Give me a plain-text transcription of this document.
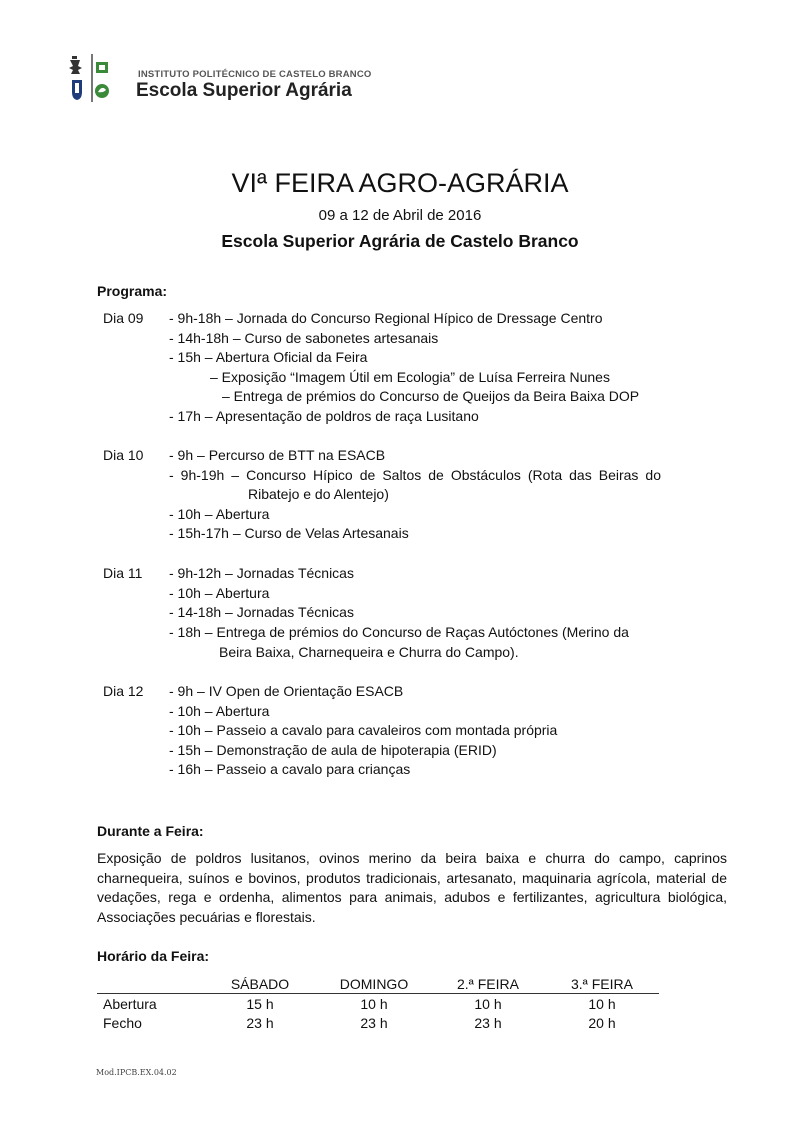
INSTITUTO POLITÉCNICO DE CASTELO BRANCO
Escola Superior Agrária
VIª FEIRA AGRO-AGRÁRIA
09 a 12 de Abril de 2016
Escola Superior Agrária de Castelo Branco
Programa:
Dia 09 - 9h-18h – Jornada do Concurso Regional Hípico de Dressage Centro
- 14h-18h – Curso de sabonetes artesanais
- 15h – Abertura Oficial da Feira
– Exposição “Imagem Útil em Ecologia” de Luísa Ferreira Nunes
– Entrega de prémios do Concurso de Queijos da Beira Baixa DOP
- 17h – Apresentação de poldros de raça Lusitano
Dia 10 - 9h – Percurso de BTT na ESACB
- 9h-19h – Concurso Hípico de Saltos de Obstáculos (Rota das Beiras do
Ribatejo e do Alentejo)
- 10h – Abertura
- 15h-17h – Curso de Velas Artesanais
Dia 11 - 9h-12h – Jornadas Técnicas
- 10h – Abertura
- 14-18h – Jornadas Técnicas
- 18h – Entrega de prémios do Concurso de Raças Autóctones (Merino da
Beira Baixa, Charnequeira e Churra do Campo).
Dia 12 - 9h – IV Open de Orientação ESACB
- 10h – Abertura
- 10h – Passeio a cavalo para cavaleiros com montada própria
- 15h – Demonstração de aula de hipoterapia (ERID)
- 16h – Passeio a cavalo para crianças
Durante a Feira:
Exposição de poldros lusitanos, ovinos merino da beira baixa e churra do campo, caprinos charnequeira, suínos e bovinos, produtos tradicionais, artesanato, maquinaria agrícola, material de vedações, rega e ordenha, alimentos para animais, adubos e fertilizantes, agricultura biológica, Associações pecuárias e florestais.
Horário da Feira:
	SÁBADO	DOMINGO	2.ª FEIRA	3.ª FEIRA
Abertura	15 h	10 h	10 h	10 h
Fecho	23 h	23 h	23 h	20 h
Mod.IPCB.EX.04.02
